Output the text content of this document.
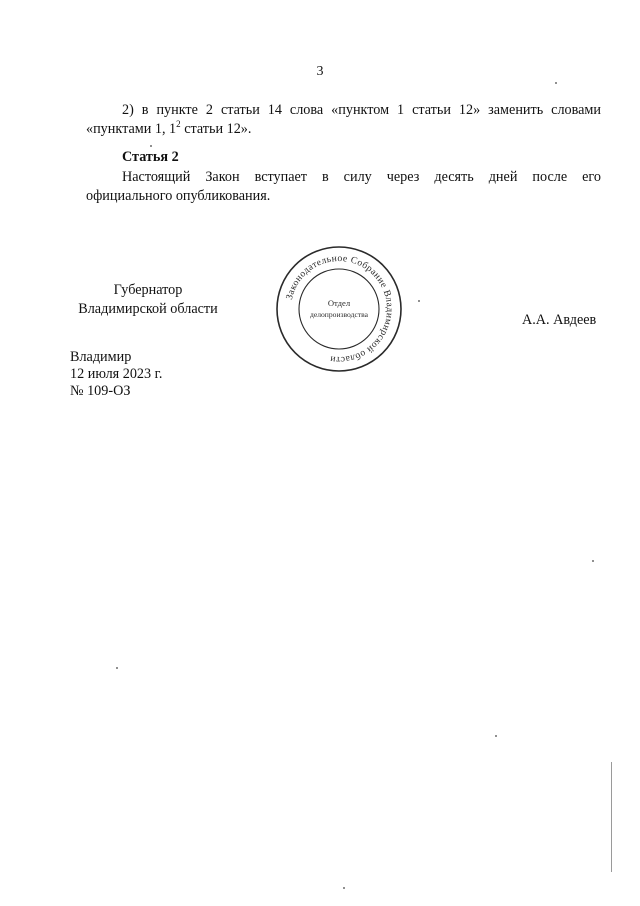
3
2) в пункте 2 статьи 14 слова «пунктом 1 статьи 12» заменить словами
«пунктами 1, $1^2$ статьи 12».
Статья 2
Настоящий Закон вступает в силу через десять дней после его
официального опубликования.
Губернатор
Владимирской области
Законодательное Собрание Владимирской области
Отдел
делопроизводства	А.А. Авдеев
Владимир
12 июля 2023 г.
№ 109-ОЗ
